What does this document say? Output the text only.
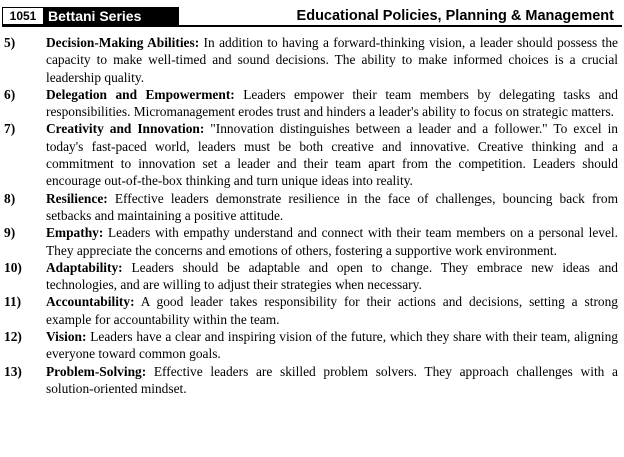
1051 Bettani Series	Educational Policies, Planning & Management
5) Decision-Making Abilities: In addition to having a forward-thinking vision, a leader should possess the capacity to make well-timed and sound decisions. The ability to make informed choices is a crucial leadership quality.
6) Delegation and Empowerment: Leaders empower their team members by delegating tasks and responsibilities. Micromanagement erodes trust and hinders a leader's ability to focus on strategic matters.
7) Creativity and Innovation: "Innovation distinguishes between a leader and a follower." To excel in today's fast-paced world, leaders must be both creative and innovative. Creative thinking and a commitment to innovation set a leader and their team apart from the competition. Leaders should encourage out-of-the-box thinking and turn unique ideas into reality.
8) Resilience: Effective leaders demonstrate resilience in the face of challenges, bouncing back from setbacks and maintaining a positive attitude.
9) Empathy: Leaders with empathy understand and connect with their team members on a personal level. They appreciate the concerns and emotions of others, fostering a supportive work environment.
10) Adaptability: Leaders should be adaptable and open to change. They embrace new ideas and technologies, and are willing to adjust their strategies when necessary.
11) Accountability: A good leader takes responsibility for their actions and decisions, setting a strong example for accountability within the team.
12) Vision: Leaders have a clear and inspiring vision of the future, which they share with their team, aligning everyone toward common goals.
13) Problem-Solving: Effective leaders are skilled problem solvers. They approach challenges with a solution-oriented mindset.
